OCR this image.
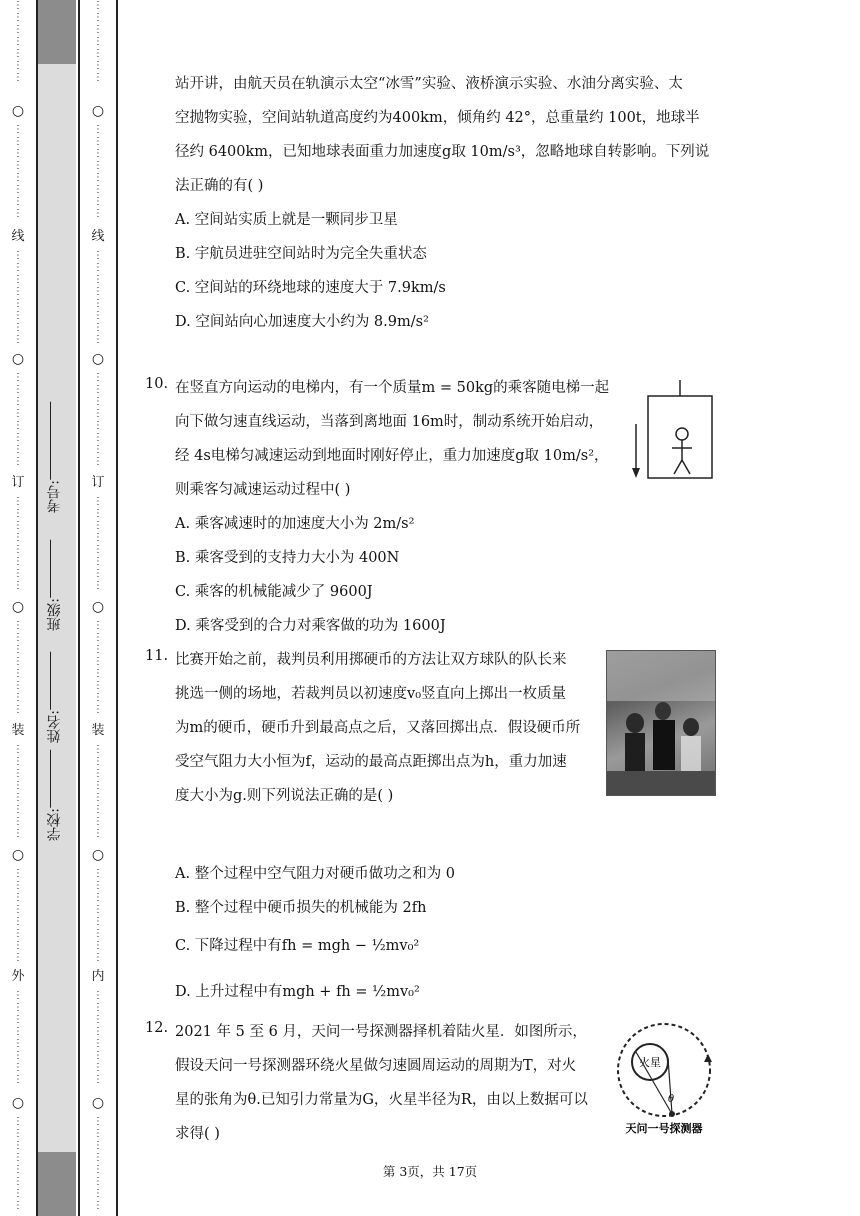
⋮
⋮
⋮
⋮
⋮
⋮
⋮
○
⋮
⋮
⋮
⋮
⋮
⋮
⋮
⋮
线
⋮
⋮
⋮
⋮
⋮
⋮
⋮
⋮
○
⋮
⋮
⋮
⋮
⋮
⋮
⋮
⋮
订
⋮
⋮
⋮
⋮
⋮
⋮
⋮
⋮
○
⋮
⋮
⋮
⋮
⋮
⋮
⋮
⋮
装
⋮
⋮
⋮
⋮
⋮
⋮
⋮
⋮
○
⋮
⋮
⋮
⋮
⋮
⋮
⋮
⋮
外
⋮
⋮
⋮
⋮
⋮
⋮
⋮
⋮
○
⋮
⋮
⋮
⋮
⋮
⋮
⋮
⋮
学校:
姓名:
班级:
考号:
⋮
⋮
⋮
⋮
⋮
⋮
⋮
○
⋮
⋮
⋮
⋮
⋮
⋮
⋮
⋮
线
⋮
⋮
⋮
⋮
⋮
⋮
⋮
⋮
○
⋮
⋮
⋮
⋮
⋮
⋮
⋮
⋮
订
⋮
⋮
⋮
⋮
⋮
⋮
⋮
⋮
○
⋮
⋮
⋮
⋮
⋮
⋮
⋮
⋮
装
⋮
⋮
⋮
⋮
⋮
⋮
⋮
⋮
○
⋮
⋮
⋮
⋮
⋮
⋮
⋮
⋮
内
⋮
⋮
⋮
⋮
⋮
⋮
⋮
⋮
○
⋮
⋮
⋮
⋮
⋮
⋮
⋮
⋮
站开讲，由航天员在轨演示太空“冰雪”实验、液桥演示实验、水油分离实验、太
空抛物实验，空间站轨道高度约为400km，倾角约 42°，总重量约 100t，地球半
径约 6400km，已知地球表面重力加速度g取 10m/s³，忽略地球自转影响。下列说
法正确的有( )
A. 空间站实质上就是一颗同步卫星
B. 宇航员进驻空间站时为完全失重状态
C. 空间站的环绕地球的速度大于 7.9km/s
D. 空间站向心加速度大小约为 8.9m/s²
10. 在竖直方向运动的电梯内，有一个质量m = 50kg的乘客随电梯一起
向下做匀速直线运动，当落到离地面 16m时，制动系统开始启动，
经 4s电梯匀减速运动到地面时刚好停止，重力加速度g取 10m/s²，
则乘客匀减速运动过程中( )
A. 乘客减速时的加速度大小为 2m/s²
B. 乘客受到的支持力大小为 400N
C. 乘客的机械能减少了 9600J
D. 乘客受到的合力对乘客做的功为 1600J
11. 比赛开始之前，裁判员利用掷硬币的方法让双方球队的队长来
挑选一侧的场地，若裁判员以初速度v₀竖直向上掷出一枚质量
为m的硬币，硬币升到最高点之后，又落回掷出点．假设硬币所
受空气阻力大小恒为f，运动的最高点距掷出点为h，重力加速
度大小为g.则下列说法正确的是( )
A. 整个过程中空气阻力对硬币做功之和为 0
B. 整个过程中硬币损失的机械能为 2fh
C. 下降过程中有fh = mgh − ½mv₀²
D. 上升过程中有mgh + fh = ½mv₀²
12. 2021 年 5 至 6 月，天问一号探测器择机着陆火星．如图所示，
假设天问一号探测器环绕火星做匀速圆周运动的周期为T，对火
星的张角为θ.已知引力常量为G，火星半径为R，由以上数据可以
求得( )
火星
θ
天问一号探测器
第 3页，共 17页
